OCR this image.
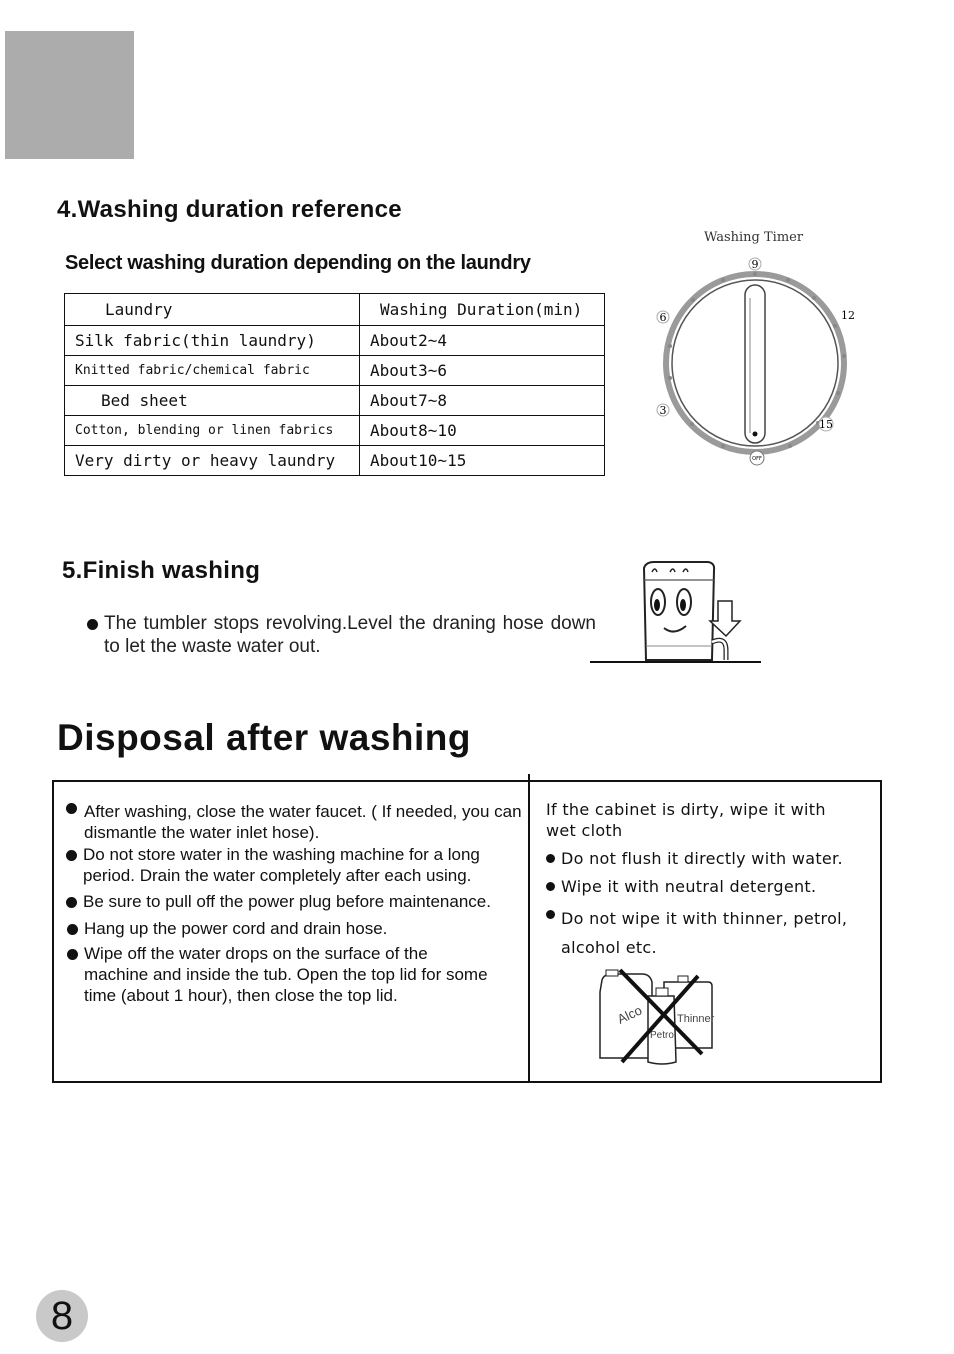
4.Washing duration reference

Select washing duration depending on the laundry

Laundry	Washing Duration(min)
Silk fabric(thin laundry)	About2~4
Knitted fabric/chemical fabric	About3~6
Bed sheet	About7~8
Cotton, blending or linen fabrics	About8~10
Very dirty or heavy laundry	About10~15
Washing Timer
9
12
15
OFF
3
6
5.Finish washing

The tumbler stops revolving.Level the draning hose down to let the waste water out.

Disposal after washing

After washing, close the water faucet. ( If needed, you can dismantle the water inlet hose).

Do not store water in the washing machine for a long period. Drain the water completely after each using.

Be sure to pull off the power plug before maintenance.

Hang up the power cord and drain hose.

Wipe off the water drops on the surface of the machine and inside the tub. Open the top lid for some time (about 1 hour), then close the top lid.

If the cabinet is dirty, wipe it with wet cloth

Do not flush it directly with water.

Wipe it with neutral detergent.

Do not wipe it with thinner, petrol, alcohol etc.

Alco	Thinner
Petro
8
